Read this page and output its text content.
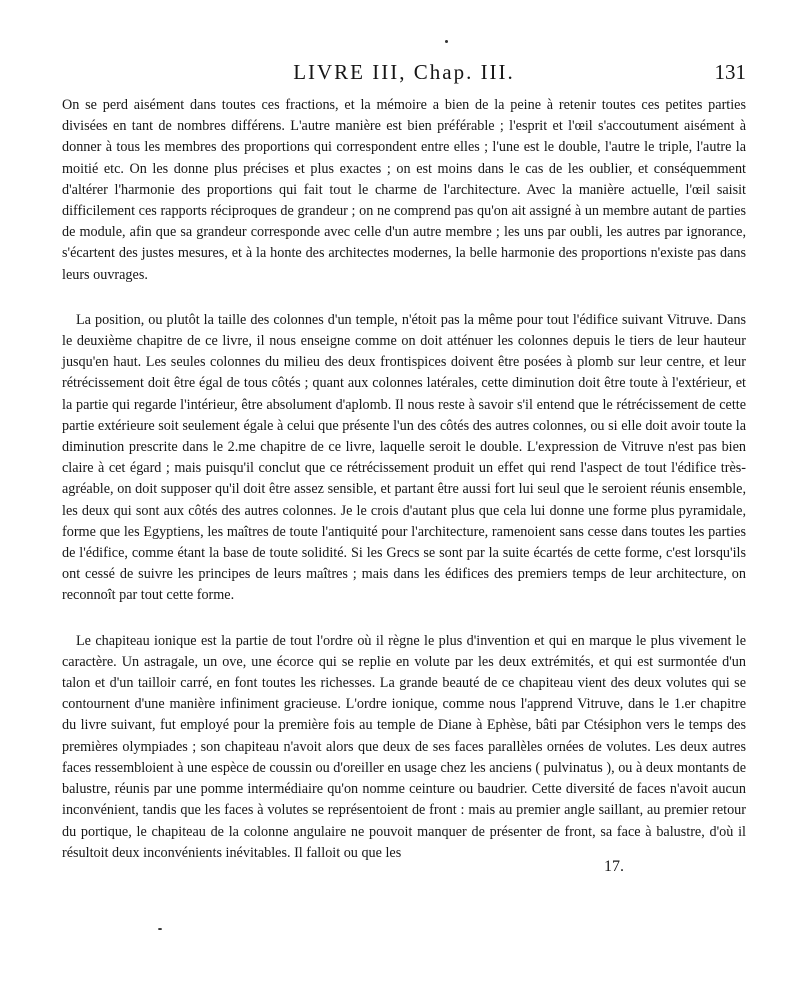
LIVRE III, Chap. III.	131

On se perd aisément dans toutes ces fractions, et la mémoire a bien de la peine à retenir toutes ces petites parties divisées en tant de nombres différens. L'autre manière est bien préférable ; l'esprit et l'œil s'accoutument aisément à donner à tous les membres des proportions qui correspondent entre elles ; l'une est le double, l'autre le triple, l'autre la moitié etc. On les donne plus précises et plus exactes ; on est moins dans le cas de les oublier, et conséquemment d'altérer l'harmonie des proportions qui fait tout le charme de l'architecture. Avec la manière actuelle, l'œil saisit difficilement ces rapports réciproques de grandeur ; on ne comprend pas qu'on ait assigné à un membre autant de parties de module, afin que sa grandeur corresponde avec celle d'un autre membre ; les uns par oubli, les autres par ignorance, s'écartent des justes mesures, et à la honte des architectes modernes, la belle harmonie des proportions n'existe pas dans leurs ouvrages.

La position, ou plutôt la taille des colonnes d'un temple, n'étoit pas la même pour tout l'édifice suivant Vitruve. Dans le deuxième chapitre de ce livre, il nous enseigne comme on doit atténuer les colonnes depuis le tiers de leur hauteur jusqu'en haut. Les seules colonnes du milieu des deux frontispices doivent être posées à plomb sur leur centre, et leur rétrécissement doit être égal de tous côtés ; quant aux colonnes latérales, cette diminution doit être toute à l'extérieur, et la partie qui regarde l'intérieur, être absolument d'aplomb. Il nous reste à savoir s'il entend que le rétrécissement de cette partie extérieure soit seulement égale à celui que présente l'un des côtés des autres colonnes, ou si elle doit avoir toute la diminution prescrite dans le 2.me chapitre de ce livre, laquelle seroit le double. L'expression de Vitruve n'est pas bien claire à cet égard ; mais puisqu'il conclut que ce rétrécissement produit un effet qui rend l'aspect de tout l'édifice très-agréable, on doit supposer qu'il doit être assez sensible, et partant être aussi fort lui seul que le seroient réunis ensemble, les deux qui sont aux côtés des autres colonnes. Je le crois d'autant plus que cela lui donne une forme plus pyramidale, forme que les Egyptiens, les maîtres de toute l'antiquité pour l'architecture, ramenoient sans cesse dans toutes les parties de l'édifice, comme étant la base de toute solidité. Si les Grecs se sont par la suite écartés de cette forme, c'est lorsqu'ils ont cessé de suivre les principes de leurs maîtres ; mais dans les édifices des premiers temps de leur architecture, on reconnoît par tout cette forme.

Le chapiteau ionique est la partie de tout l'ordre où il règne le plus d'invention et qui en marque le plus vivement le caractère. Un astragale, un ove, une écorce qui se replie en volute par les deux extrémités, et qui est surmontée d'un talon et d'un tailloir carré, en font toutes les richesses. La grande beauté de ce chapiteau vient des deux volutes qui se contournent d'une manière infiniment gracieuse. L'ordre ionique, comme nous l'apprend Vitruve, dans le 1.er chapitre du livre suivant, fut employé pour la première fois au temple de Diane à Ephèse, bâti par Ctésiphon vers le temps des premières olympiades ; son chapiteau n'avoit alors que deux de ses faces parallèles ornées de volutes. Les deux autres faces ressembloient à une espèce de coussin ou d'oreiller en usage chez les anciens ( pulvinatus ), ou à deux montants de balustre, réunis par une pomme intermédiaire qu'on nomme ceinture ou baudrier. Cette diversité de faces n'avoit aucun inconvénient, tandis que les faces à volutes se représentoient de front : mais au premier angle saillant, au premier retour du portique, le chapiteau de la colonne angulaire ne pouvoit manquer de présenter de front, sa face à balustre, d'où il résultoit deux inconvénients inévitables. Il falloit ou que les

17.
